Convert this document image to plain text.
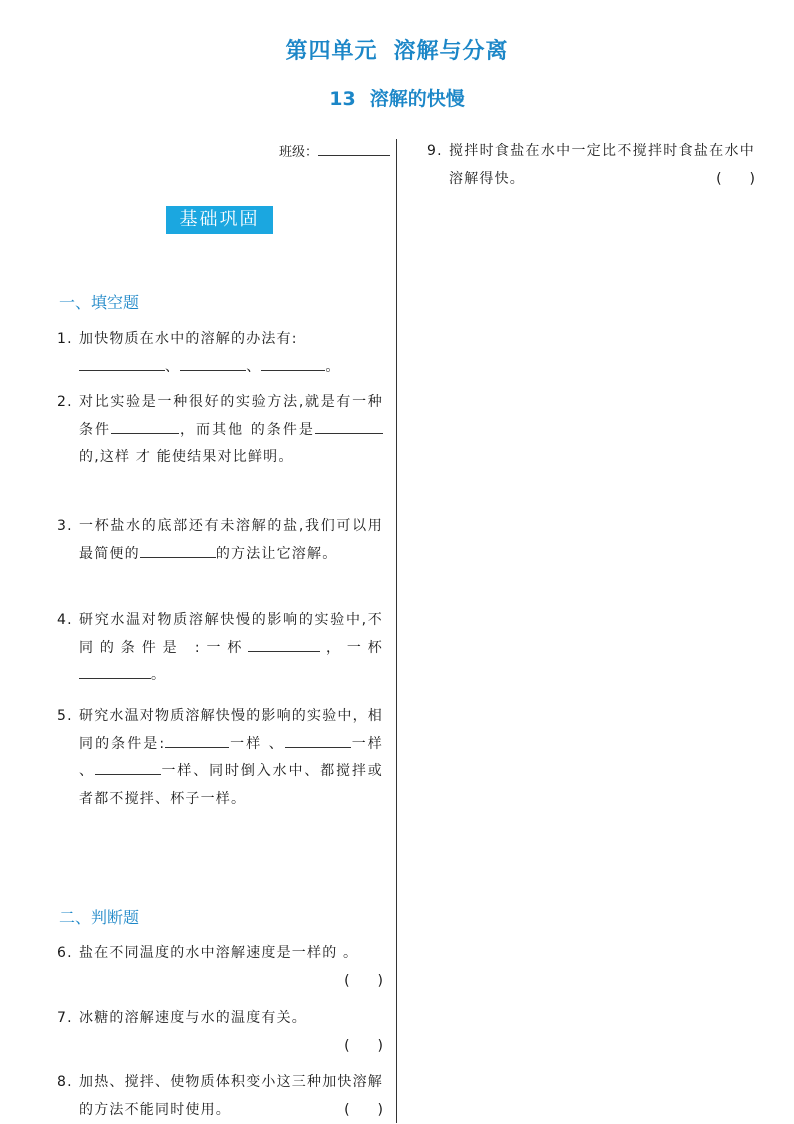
第四单元 溶解与分离
13 溶解的快慢
班级：
基础巩固
一、填空题
1. 加快物质在水中的溶解的办法有:
、	、	。
2. 对比实验是一种很好的实验方法,就是有一种条件	，而其他 的条件是的,这样 才 能使结果对比鲜明。
3. 一杯盐水的底部还有未溶解的盐,我们可以用最简便的	的方法让它溶解。
4. 研究水温对物质溶解快慢的影响的实验中,不同的条件是 :一杯	，一杯。
5. 研究水温对物质溶解快慢的影响的实验中，相同的条件是:	一样 、	一样 、	一样、同时倒入水中、都搅拌或者都不搅拌、杯子一样。
二、判断题
6. 盐在不同温度的水中溶解速度是一样的 。
(　　)
7. 冰糖的溶解速度与水的温度有关。
(　　)
8. 加热、搅拌、使物质体积变小这三种加快溶解的方法不能同时使用。	(　　)
9. 搅拌时食盐在水中一定比不搅拌时食盐在水中溶解得快。	(　　)
